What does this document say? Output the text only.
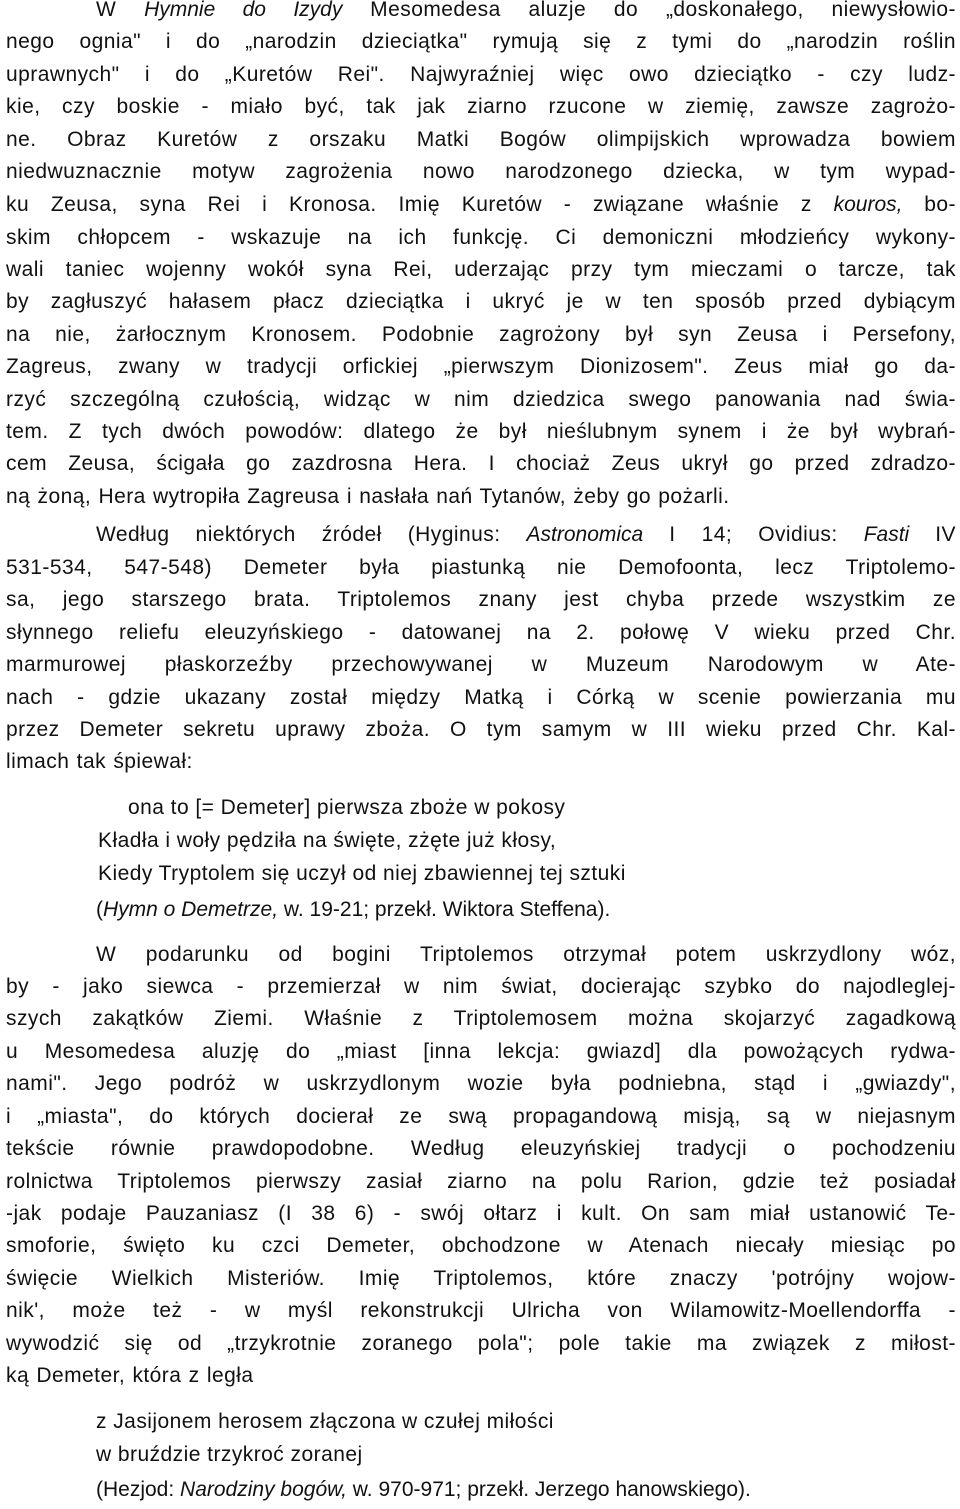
W Hymnie do Izydy Mesomedesa aluzje do „doskonałego, niewysłowio-
nego ognia" i do „narodzin dzieciątka" rymują się z tymi do „narodzin roślin
uprawnych" i do „Kuretów Rei". Najwyraźniej więc owo dzieciątko - czy ludz-
kie, czy boskie - miało być, tak jak ziarno rzucone w ziemię, zawsze zagrożo-
ne. Obraz Kuretów z orszaku Matki Bogów olimpijskich wprowadza bowiem
niedwuznacznie motyw zagrożenia nowo narodzonego dziecka, w tym wypad-
ku Zeusa, syna Rei i Kronosa. Imię Kuretów - związane właśnie z kouros, bo-
skim chłopcem - wskazuje na ich funkcję. Ci demoniczni młodzieńcy wykony-
wali taniec wojenny wokół syna Rei, uderzając przy tym mieczami o tarcze, tak
by zagłuszyć hałasem płacz dzieciątka i ukryć je w ten sposób przed dybiącym
na nie, żarłocznym Kronosem. Podobnie zagrożony był syn Zeusa i Persefony,
Zagreus, zwany w tradycji orfickiej „pierwszym Dionizosem". Zeus miał go da-
rzyć szczególną czułością, widząc w nim dziedzica swego panowania nad świa-
tem. Z tych dwóch powodów: dlatego że był nieślubnym synem i że był wybrań-
cem Zeusa, ścigała go zazdrosna Hera. I chociaż Zeus ukrył go przed zdradzo-
ną żoną, Hera wytropiła Zagreusa i nasłała nań Tytanów, żeby go pożarli.
Według niektórych źródeł (Hyginus: Astronomica I 14; Ovidius: Fasti IV
531-534, 547-548) Demeter była piastunką nie Demofoonta, lecz Triptolemo-
sa, jego starszego brata. Triptolemos znany jest chyba przede wszystkim ze
słynnego reliefu eleuzyńskiego - datowanej na 2. połowę V wieku przed Chr.
marmurowej płaskorzeźby przechowywanej w Muzeum Narodowym w Ate-
nach - gdzie ukazany został między Matką i Córką w scenie powierzania mu
przez Demeter sekretu uprawy zboża. O tym samym w III wieku przed Chr. Kal-
limach tak śpiewał:
ona to [= Demeter] pierwsza zboże w pokosy
Kładła i woły pędziła na święte, zżęte już kłosy,
Kiedy Tryptolem się uczył od niej zbawiennej tej sztuki
(Hymn o Demetrze, w. 19-21; przekł. Wiktora Steffena).
W podarunku od bogini Triptolemos otrzymał potem uskrzydlony wóz,
by - jako siewca - przemierzał w nim świat, docierając szybko do najodleglej-
szych zakątków Ziemi. Właśnie z Triptolemosem można skojarzyć zagadkową
u Mesomedesa aluzję do „miast [inna lekcja: gwiazd] dla powożących rydwa-
nami". Jego podróż w uskrzydlonym wozie była podniebna, stąd i „gwiazdy",
i „miasta", do których docierał ze swą propagandową misją, są w niejasnym
tekście równie prawdopodobne. Według eleuzyńskiej tradycji o pochodzeniu
rolnictwa Triptolemos pierwszy zasiał ziarno na polu Rarion, gdzie też posiadał
-jak podaje Pauzaniasz (I 38 6) - swój ołtarz i kult. On sam miał ustanowić Te-
smoforie, święto ku czci Demeter, obchodzone w Atenach niecały miesiąc po
święcie Wielkich Misteriów. Imię Triptolemos, które znaczy 'potrójny wojow-
nik', może też - w myśl rekonstrukcji Ulricha von Wilamowitz-Moellendorffa -
wywodzić się od „trzykrotnie zoranego pola"; pole takie ma związek z miłost-
ką Demeter, która z legła
z Jasijonem herosem złączona w czułej miłości
w bruździe trzykroć zoranej
(Hezjod: Narodziny bogów, w. 970-971; przekł. Jerzego hanowskiego).
